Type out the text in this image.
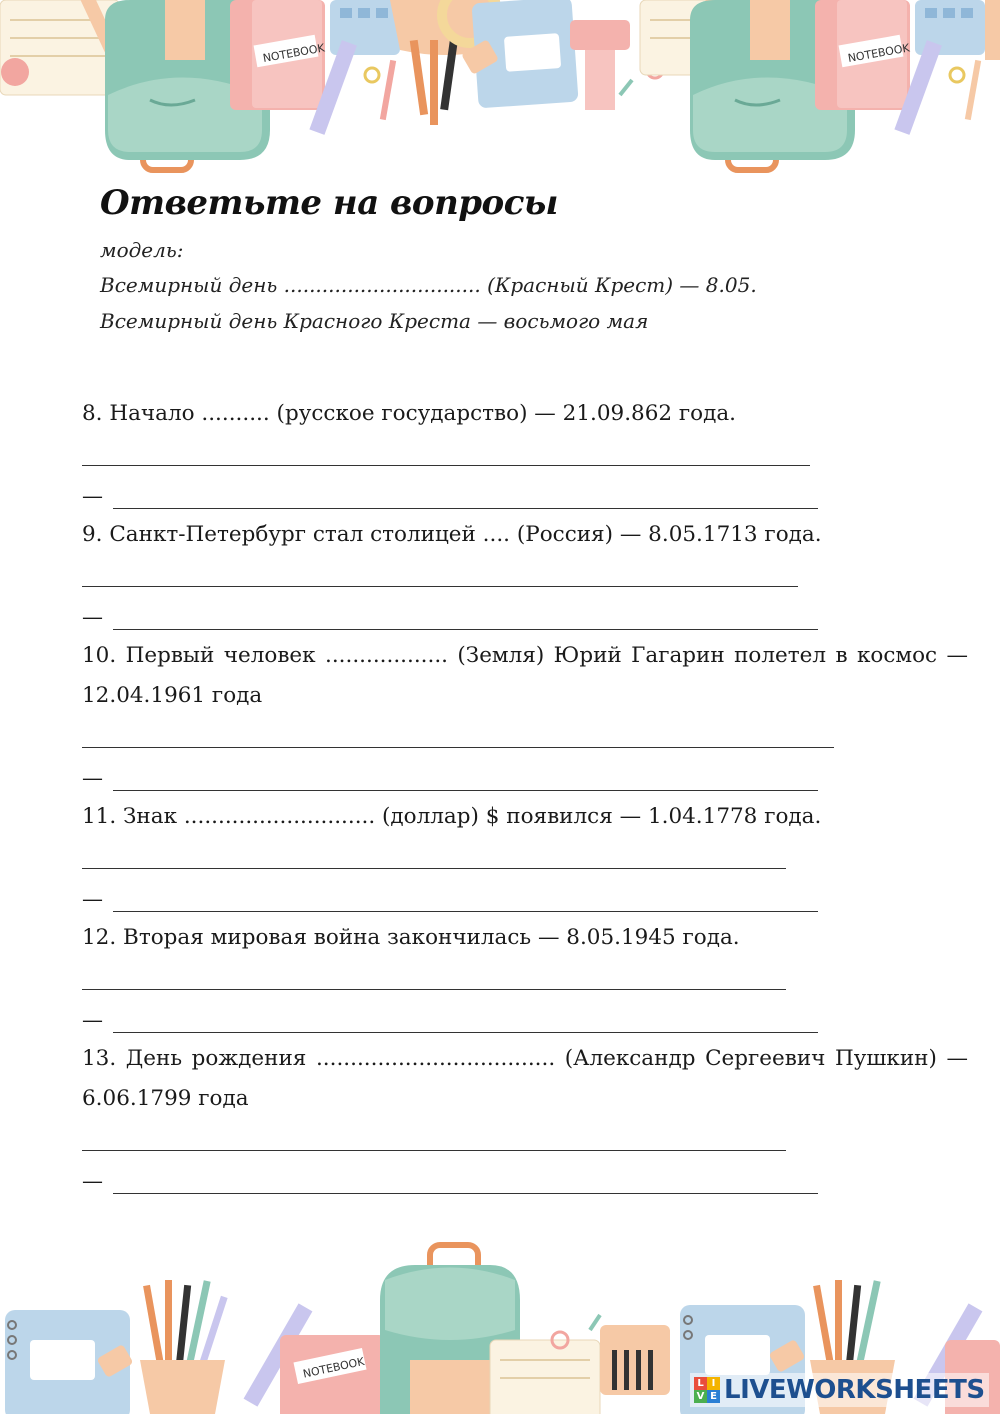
NOTEBOOK	NOTEBOOK
Ответьте на вопросы
модель:
Всемирный день ............................... (Красный Крест) — 8.05.
Всемирный день Красного Креста — восьмого мая

8. Начало .......... (русское государство) — 21.09.862 года.

—

9. Санкт-Петербург стал столицей .... (Россия) — 8.05.1713 года.

—

10. Первый человек .................. (Земля) Юрий Гагарин полетел в космос — 12.04.1961 года

—

11. Знак ............................ (доллар) $ появился — 1.04.1778 года.

—

12. Вторая мировая война закончилась — 8.05.1945 года.

—

13. День рождения ................................... (Александр Сергеевич Пушкин) — 6.06.1799 года

—
NOTEBOOK
L I
V E LIVEWORKSHEETS
